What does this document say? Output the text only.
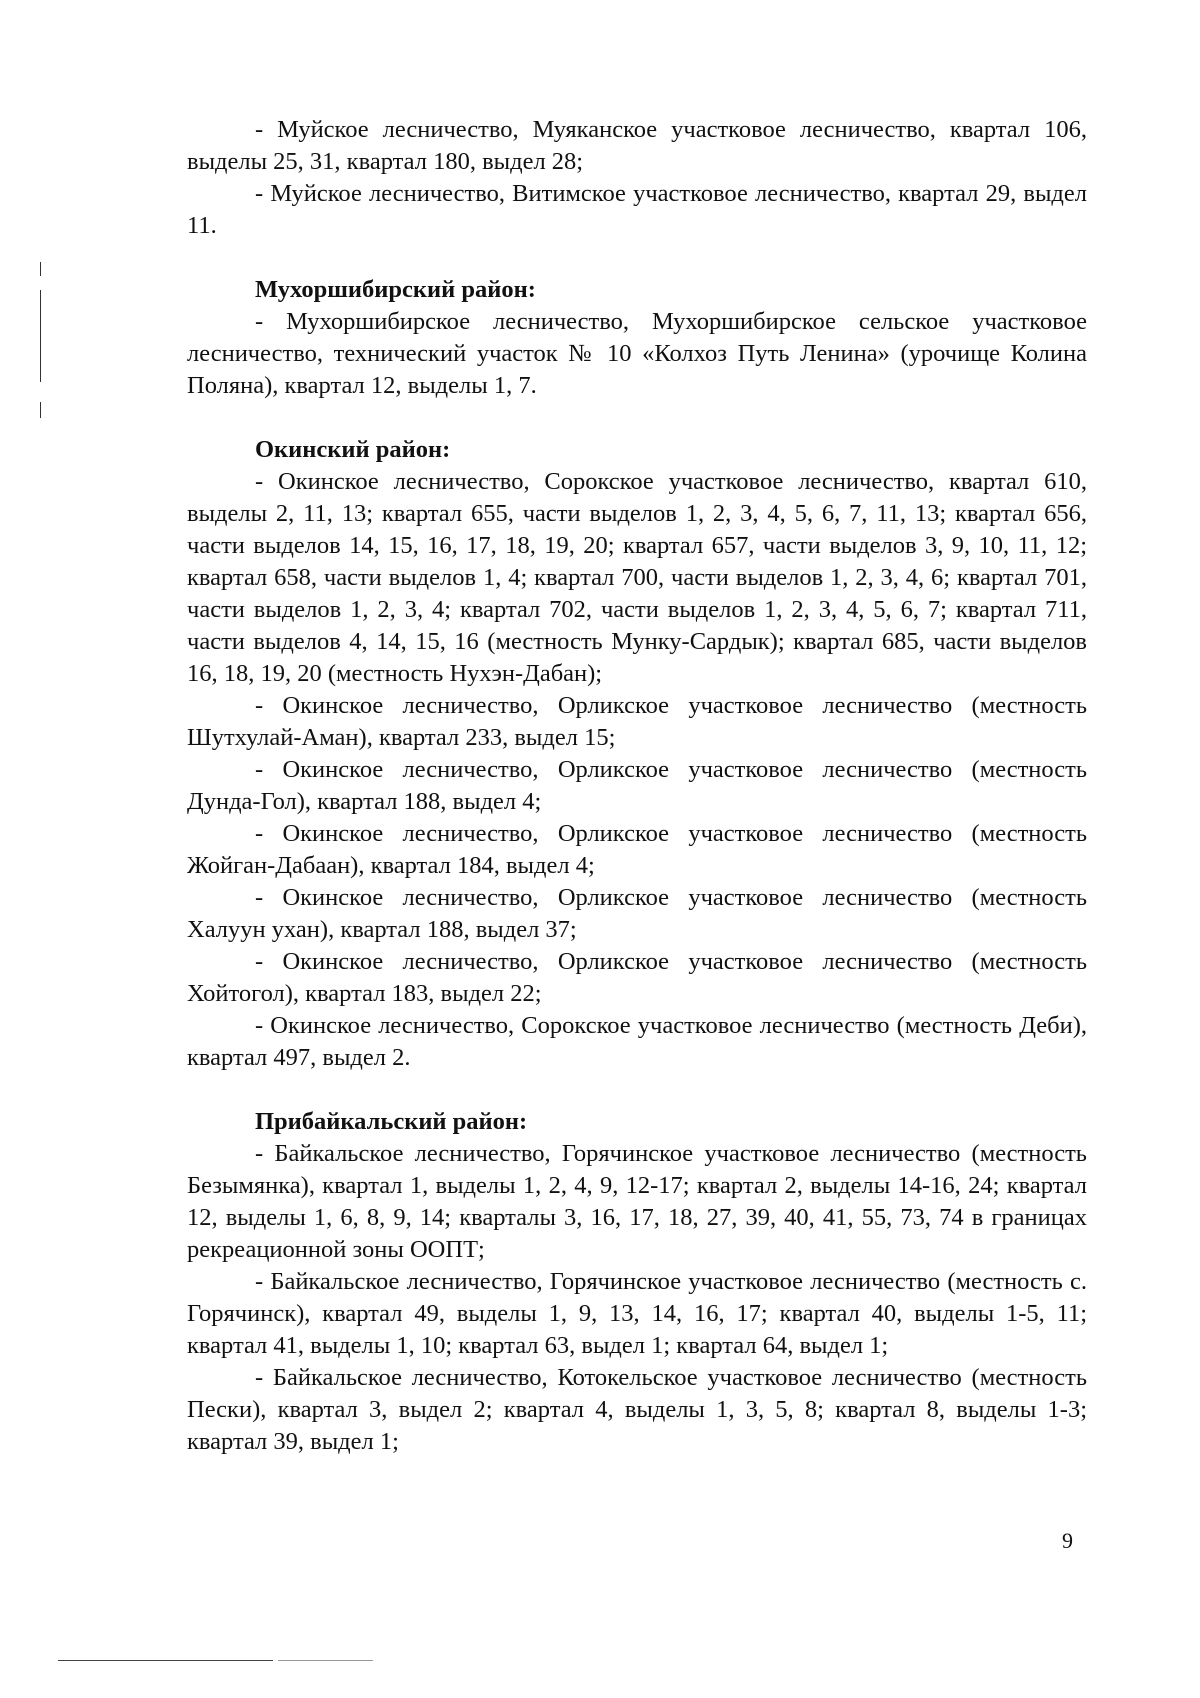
- Муйское лесничество, Муяканское участковое лесничество, квартал 106, выделы 25, 31, квартал 180, выдел 28;

- Муйское лесничество, Витимское участковое лесничество, квартал 29, выдел 11.

Мухоршибирский район:

- Мухоршибирское лесничество, Мухоршибирское сельское участковое лесничество, технический участок № 10 «Колхоз Путь Ленина» (урочище Колина Поляна), квартал 12, выделы 1, 7.

Окинский район:

- Окинское лесничество, Сорокское участковое лесничество, квартал 610, выделы 2, 11, 13; квартал 655, части выделов 1, 2, 3, 4, 5, 6, 7, 11, 13; квартал 656, части выделов 14, 15, 16, 17, 18, 19, 20; квартал 657, части выделов 3, 9, 10, 11, 12; квартал 658, части выделов 1, 4; квартал 700, части выделов 1, 2, 3, 4, 6; квартал 701, части выделов 1, 2, 3, 4; квартал 702, части выделов 1, 2, 3, 4, 5, 6, 7; квартал 711, части выделов 4, 14, 15, 16 (местность Мунку-Сардык); квартал 685, части выделов 16, 18, 19, 20 (местность Нухэн-Дабан);

- Окинское лесничество, Орликское участковое лесничество (местность Шутхулай-Аман), квартал 233, выдел 15;

- Окинское лесничество, Орликское участковое лесничество (местность Дунда-Гол), квартал 188, выдел 4;

- Окинское лесничество, Орликское участковое лесничество (местность Жойган-Дабаан), квартал 184, выдел 4;

- Окинское лесничество, Орликское участковое лесничество (местность Халуун ухан), квартал 188, выдел 37;

- Окинское лесничество, Орликское участковое лесничество (местность Хойтогол), квартал 183, выдел 22;

- Окинское лесничество, Сорокское участковое лесничество (местность Деби), квартал 497, выдел 2.

Прибайкальский район:

- Байкальское лесничество, Горячинское участковое лесничество (местность Безымянка), квартал 1, выделы 1, 2, 4, 9, 12-17; квартал 2, выделы 14-16, 24; квартал 12, выделы 1, 6, 8, 9, 14; кварталы 3, 16, 17, 18, 27, 39, 40, 41, 55, 73, 74 в границах рекреационной зоны ООПТ;

- Байкальское лесничество, Горячинское участковое лесничество (местность с. Горячинск), квартал 49, выделы 1, 9, 13, 14, 16, 17; квартал 40, выделы 1-5, 11; квартал 41, выделы 1, 10; квартал 63, выдел 1; квартал 64, выдел 1;

- Байкальское лесничество, Котокельское участковое лесничество (местность Пески), квартал 3, выдел 2; квартал 4, выделы 1, 3, 5, 8; квартал 8, выделы 1-3; квартал 39, выдел 1;

9
